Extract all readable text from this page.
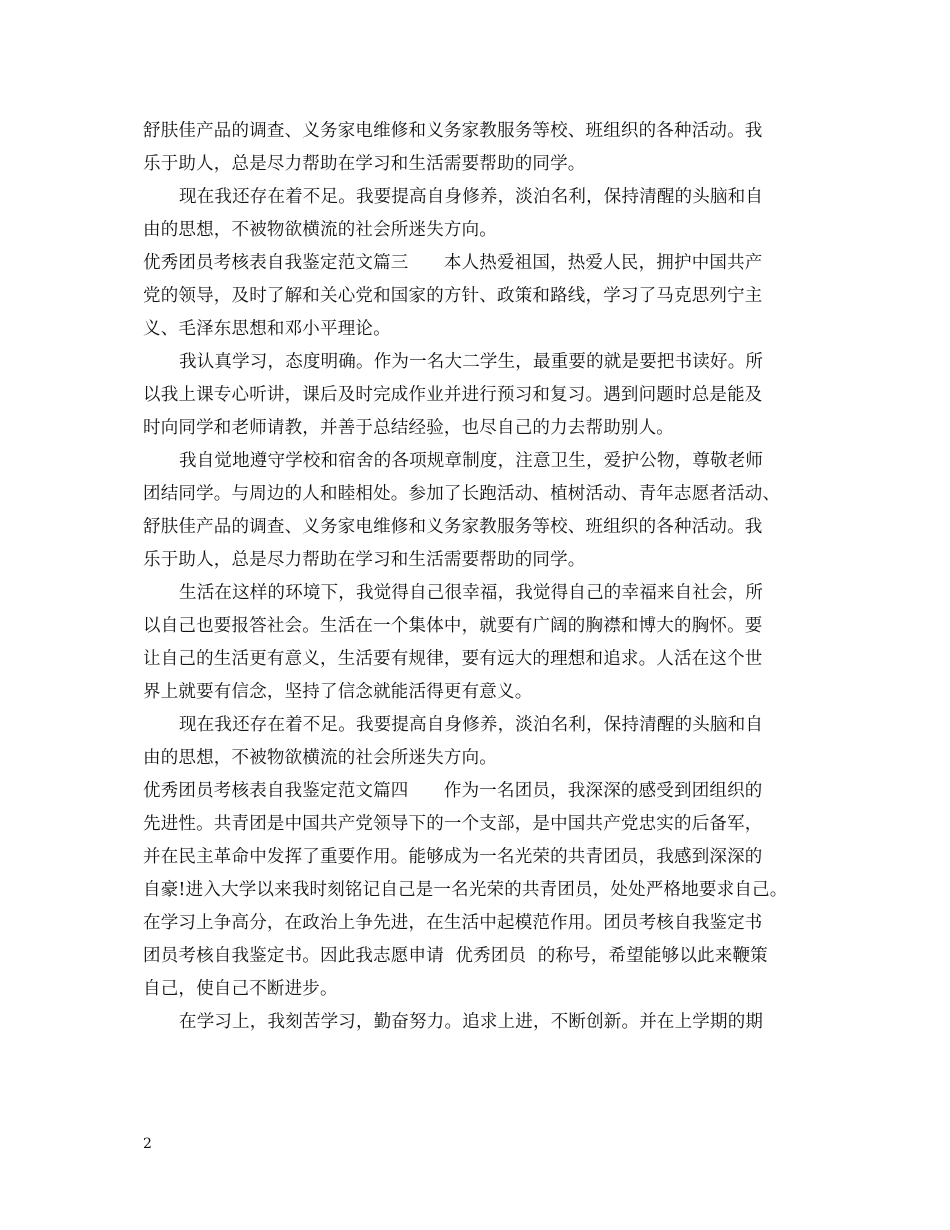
舒肤佳产品的调查、义务家电维修和义务家教服务等校、班组织的各种活动。我
乐于助人，总是尽力帮助在学习和生活需要帮助的同学。
现在我还存在着不足。我要提高自身修养，淡泊名利，保持清醒的头脑和自
由的思想，不被物欲横流的社会所迷失方向。
优秀团员考核表自我鉴定范文篇三　　本人热爱祖国，热爱人民，拥护中国共产
党的领导，及时了解和关心党和国家的方针、政策和路线，学习了马克思列宁主
义、毛泽东思想和邓小平理论。
我认真学习，态度明确。作为一名大二学生，最重要的就是要把书读好。所
以我上课专心听讲，课后及时完成作业并进行预习和复习。遇到问题时总是能及
时向同学和老师请教，并善于总结经验，也尽自己的力去帮助别人。
我自觉地遵守学校和宿舍的各项规章制度，注意卫生，爱护公物，尊敬老师
团结同学。与周边的人和睦相处。参加了长跑活动、植树活动、青年志愿者活动、
舒肤佳产品的调查、义务家电维修和义务家教服务等校、班组织的各种活动。我
乐于助人，总是尽力帮助在学习和生活需要帮助的同学。
生活在这样的环境下，我觉得自己很幸福，我觉得自己的幸福来自社会，所
以自己也要报答社会。生活在一个集体中，就要有广阔的胸襟和博大的胸怀。要
让自己的生活更有意义，生活要有规律，要有远大的理想和追求。人活在这个世
界上就要有信念，坚持了信念就能活得更有意义。
现在我还存在着不足。我要提高自身修养，淡泊名利，保持清醒的头脑和自
由的思想，不被物欲横流的社会所迷失方向。
优秀团员考核表自我鉴定范文篇四　　作为一名团员，我深深的感受到团组织的
先进性。共青团是中国共产党领导下的一个支部，是中国共产党忠实的后备军，
并在民主革命中发挥了重要作用。能够成为一名光荣的共青团员，我感到深深的
自豪!进入大学以来我时刻铭记自己是一名光荣的共青团员，处处严格地要求自己。
在学习上争高分，在政治上争先进，在生活中起模范作用。团员考核自我鉴定书
团员考核自我鉴定书。因此我志愿申请  优秀团员  的称号，希望能够以此来鞭策
自己，使自己不断进步。
在学习上，我刻苦学习，勤奋努力。追求上进，不断创新。并在上学期的期
2
